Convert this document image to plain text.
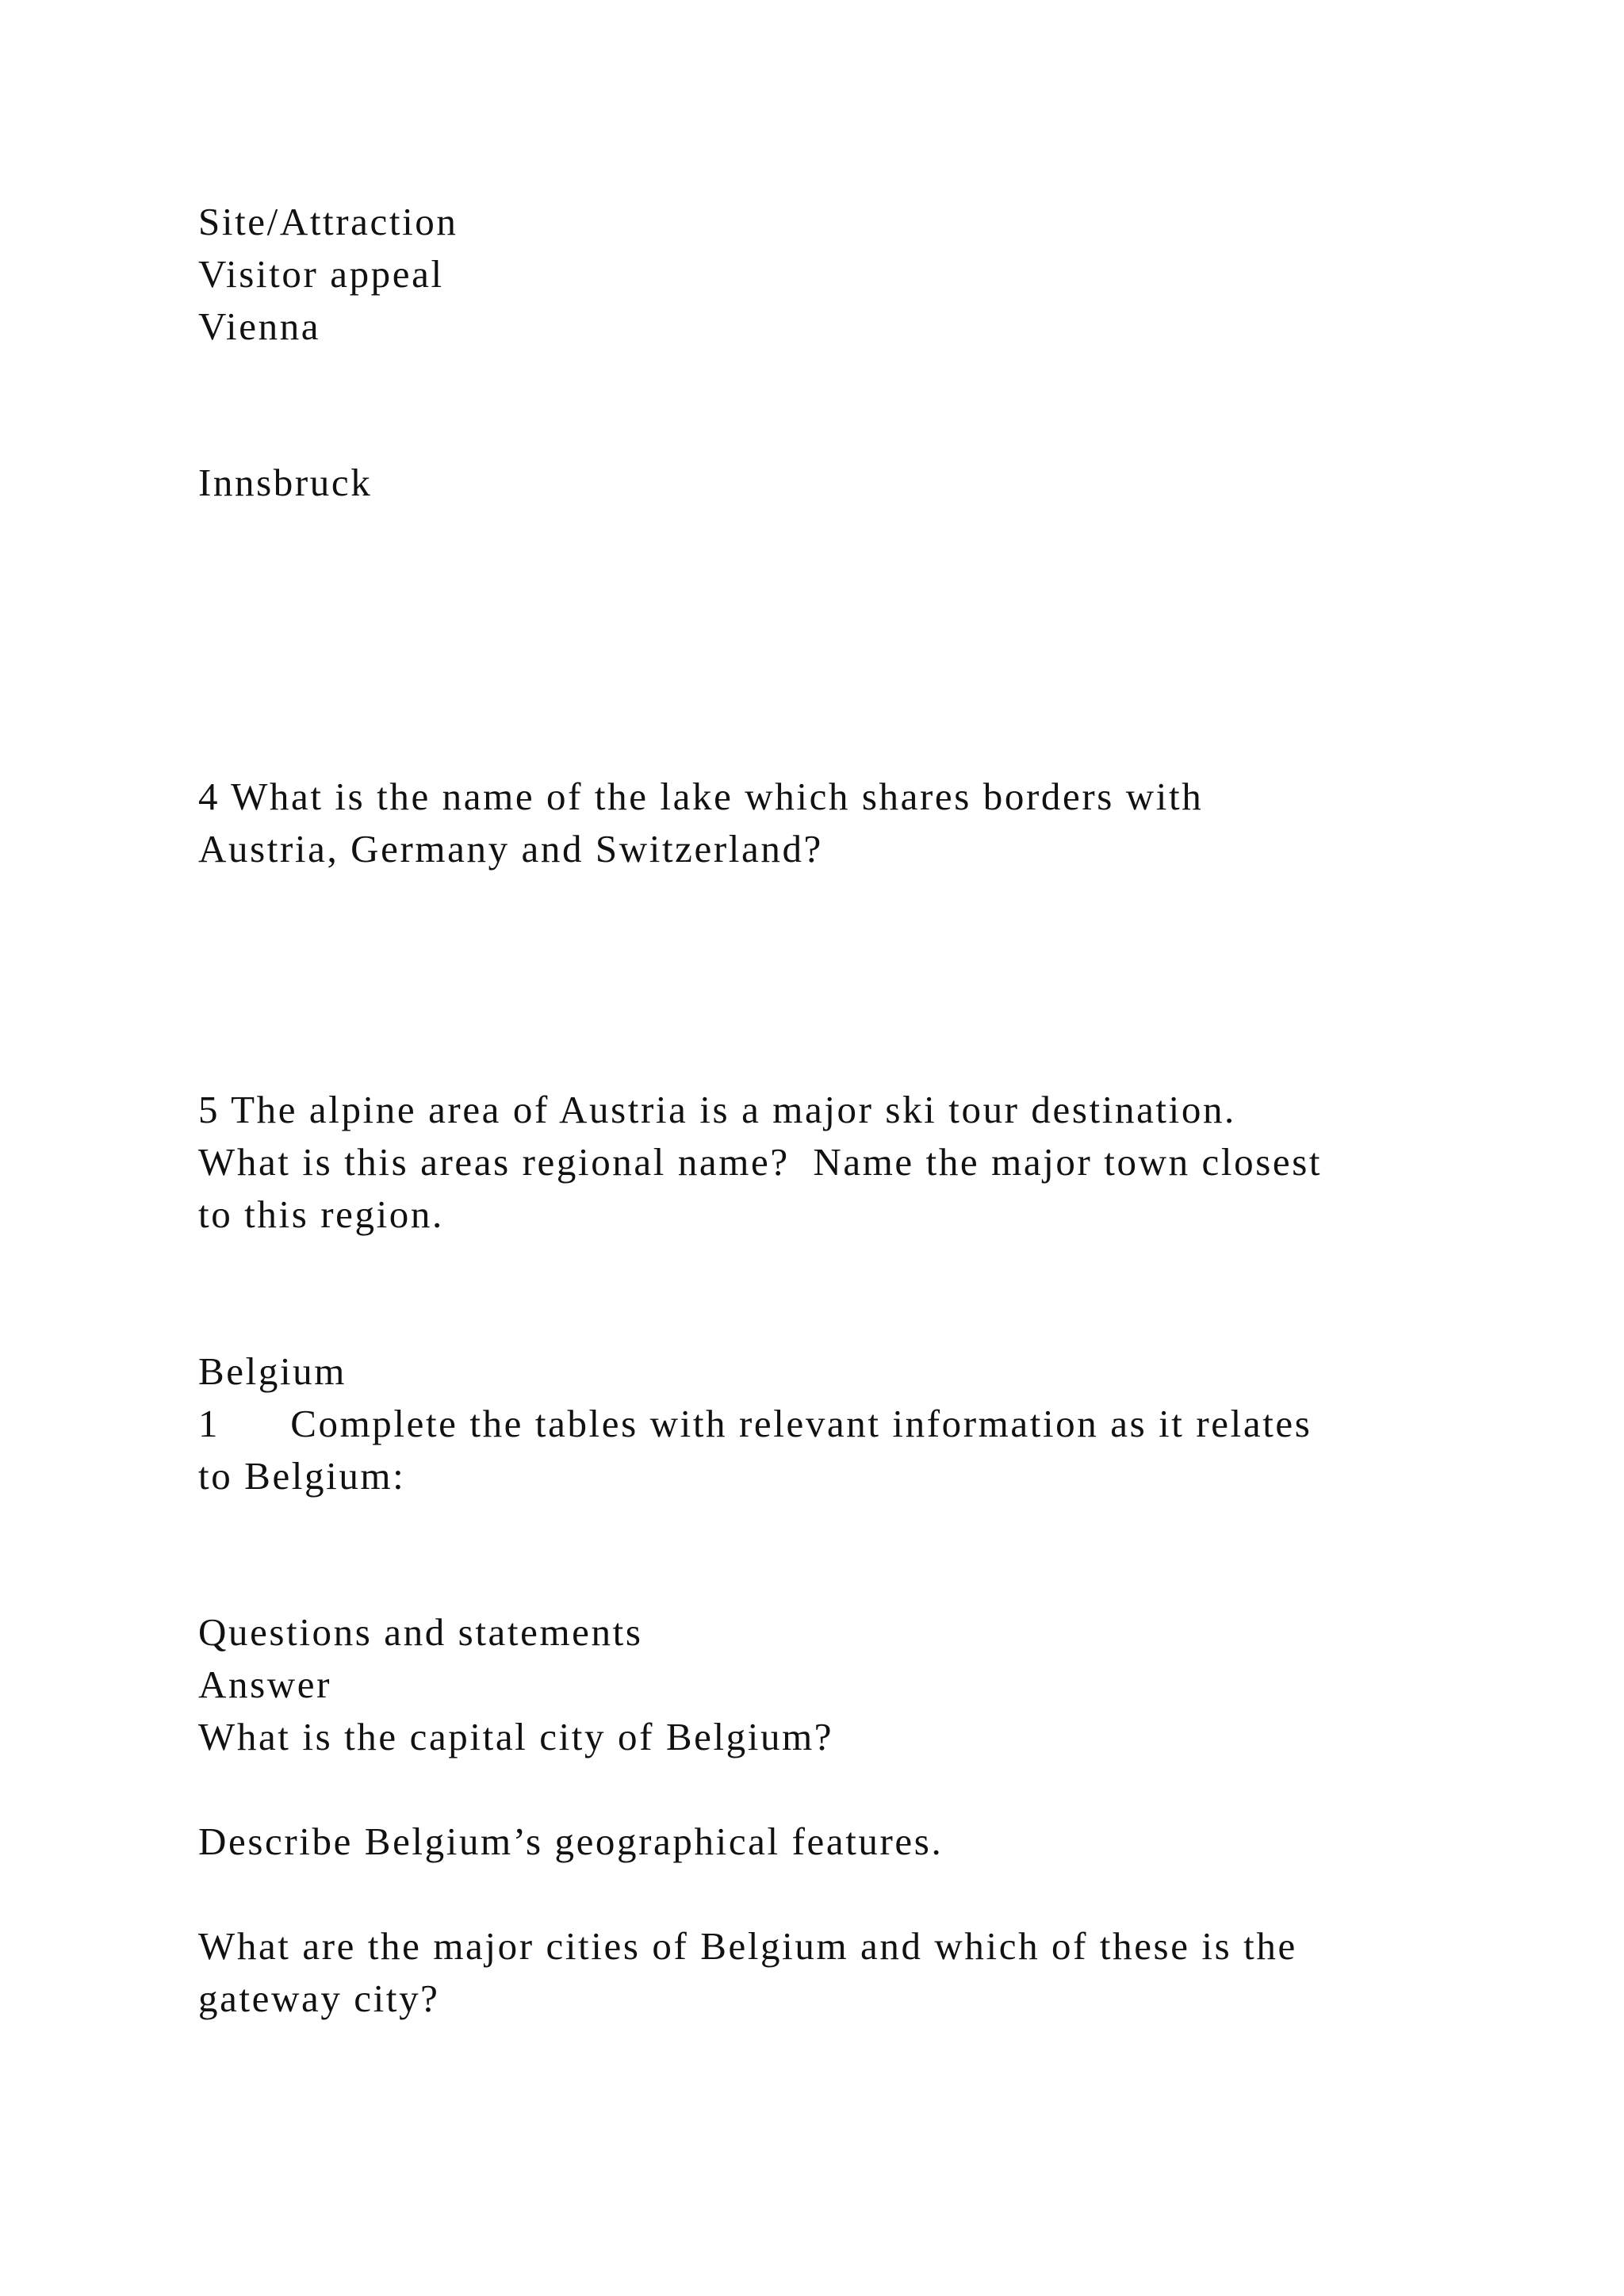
Site/Attraction
Visitor appeal
Vienna
Innsbruck
4 What is the name of the lake which shares borders with
Austria, Germany and Switzerland?
5 The alpine area of Austria is a major ski tour destination.
What is this areas regional name?  Name the major town closest
to this region.
Belgium
1      Complete the tables with relevant information as it relates
to Belgium:
Questions and statements
Answer
What is the capital city of Belgium?
Describe Belgium’s geographical features.
What are the major cities of Belgium and which of these is the
gateway city?
